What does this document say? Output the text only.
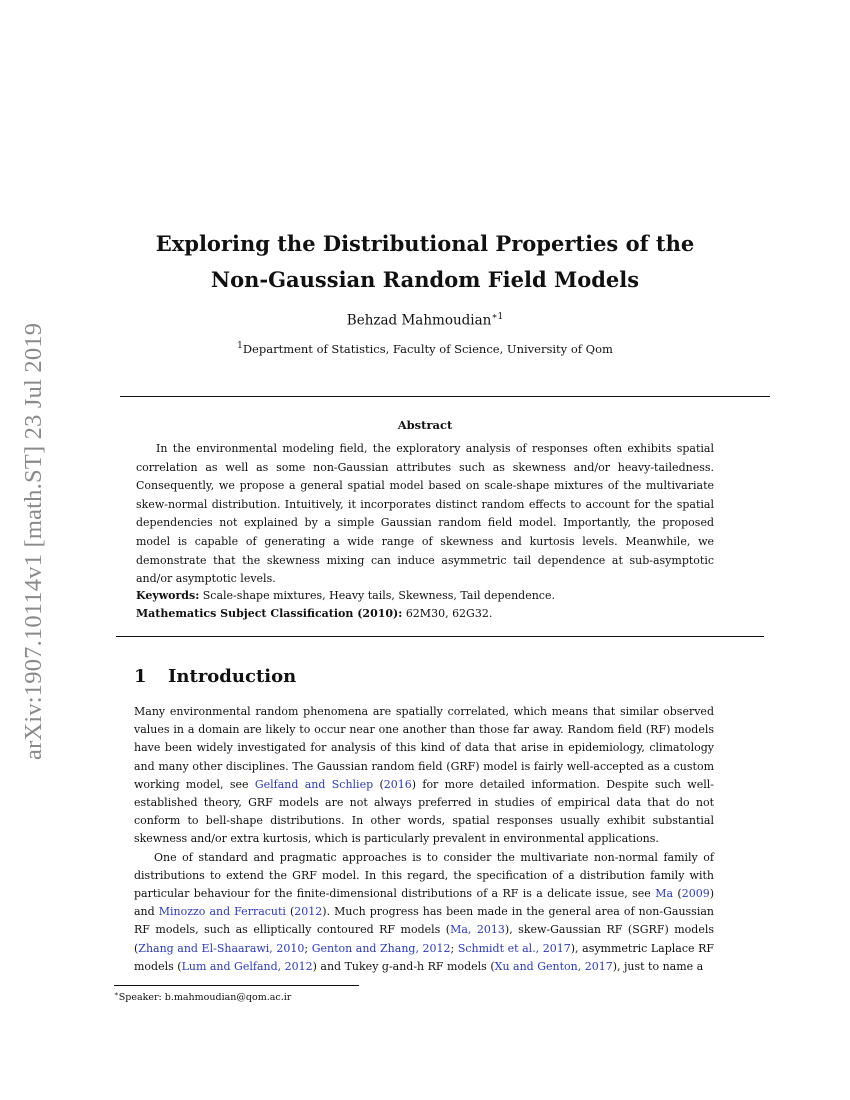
arXiv:1907.10114v1 [math.ST] 23 Jul 2019
Exploring the Distributional Properties of the
Non-Gaussian Random Field Models
Behzad Mahmoudian$^{∗1}$
$^1$Department of Statistics, Faculty of Science, University of Qom
Abstract

In the environmental modeling field, the exploratory analysis of responses often exhibits spatial correlation as well as some non-Gaussian attributes such as skewness and/or heavy-tailedness. Consequently, we propose a general spatial model based on scale-shape mixtures of the multivariate skew-normal distribution. Intuitively, it incorporates distinct random effects to account for the spatial dependencies not explained by a simple Gaussian random field model. Importantly, the proposed model is capable of generating a wide range of skewness and kurtosis levels. Meanwhile, we demonstrate that the skewness mixing can induce asymmetric tail dependence at sub-asymptotic and/or asymptotic levels.

Keywords: Scale-shape mixtures, Heavy tails, Skewness, Tail dependence.
Mathematics Subject Classification (2010): 62M30, 62G32.
1 Introduction

Many environmental random phenomena are spatially correlated, which means that similar observed values in a domain are likely to occur near one another than those far away. Random field (RF) models have been widely investigated for analysis of this kind of data that arise in epidemiology, climatology and many other disciplines. The Gaussian random field (GRF) model is fairly well-accepted as a custom working model, see Gelfand and Schliep (2016) for more detailed information. Despite such well-established theory, GRF models are not always preferred in studies of empirical data that do not conform to bell-shape distributions. In other words, spatial responses usually exhibit substantial skewness and/or extra kurtosis, which is particularly prevalent in environmental applications.

One of standard and pragmatic approaches is to consider the multivariate non-normal family of distributions to extend the GRF model. In this regard, the specification of a distribution family with particular behaviour for the finite-dimensional distributions of a RF is a delicate issue, see Ma (2009) and Minozzo and Ferracuti (2012). Much progress has been made in the general area of non-Gaussian RF models, such as elliptically contoured RF models (Ma, 2013), skew-Gaussian RF (SGRF) models (Zhang and El-Shaarawi, 2010; Genton and Zhang, 2012; Schmidt et al., 2017), asymmetric Laplace RF models (Lum and Gelfand, 2012) and Tukey g-and-h RF models (Xu and Genton, 2017), just to name a

∗Speaker: b.mahmoudian@qom.ac.ir
